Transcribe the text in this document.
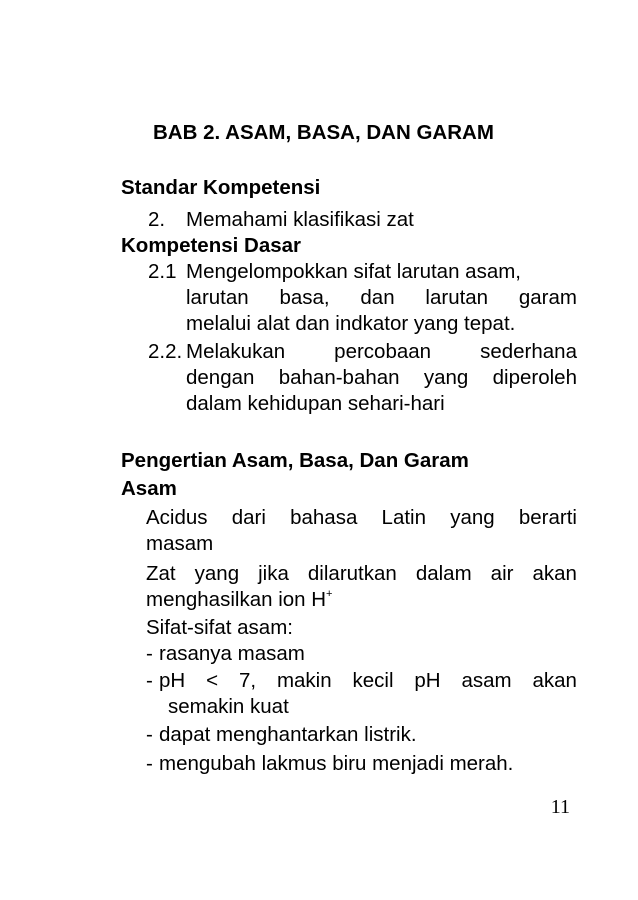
BAB 2. ASAM, BASA, DAN GARAM
Standar Kompetensi
2. Memahami klasifikasi zat
Kompetensi Dasar
2.1 Mengelompokkan sifat larutan asam,
larutan basa, dan larutan garam
melalui alat dan indkator yang tepat.
2.2. Melakukan percobaan sederhana
dengan bahan-bahan yang diperoleh
dalam kehidupan sehari-hari
Pengertian Asam, Basa, Dan Garam
Asam
Acidus dari bahasa Latin yang berarti
masam
Zat yang jika dilarutkan dalam air akan
menghasilkan ion H+
Sifat-sifat asam:
- rasanya masam
- pH < 7, makin kecil pH asam akan
semakin kuat
- dapat menghantarkan listrik.
- mengubah lakmus biru menjadi merah.
11
